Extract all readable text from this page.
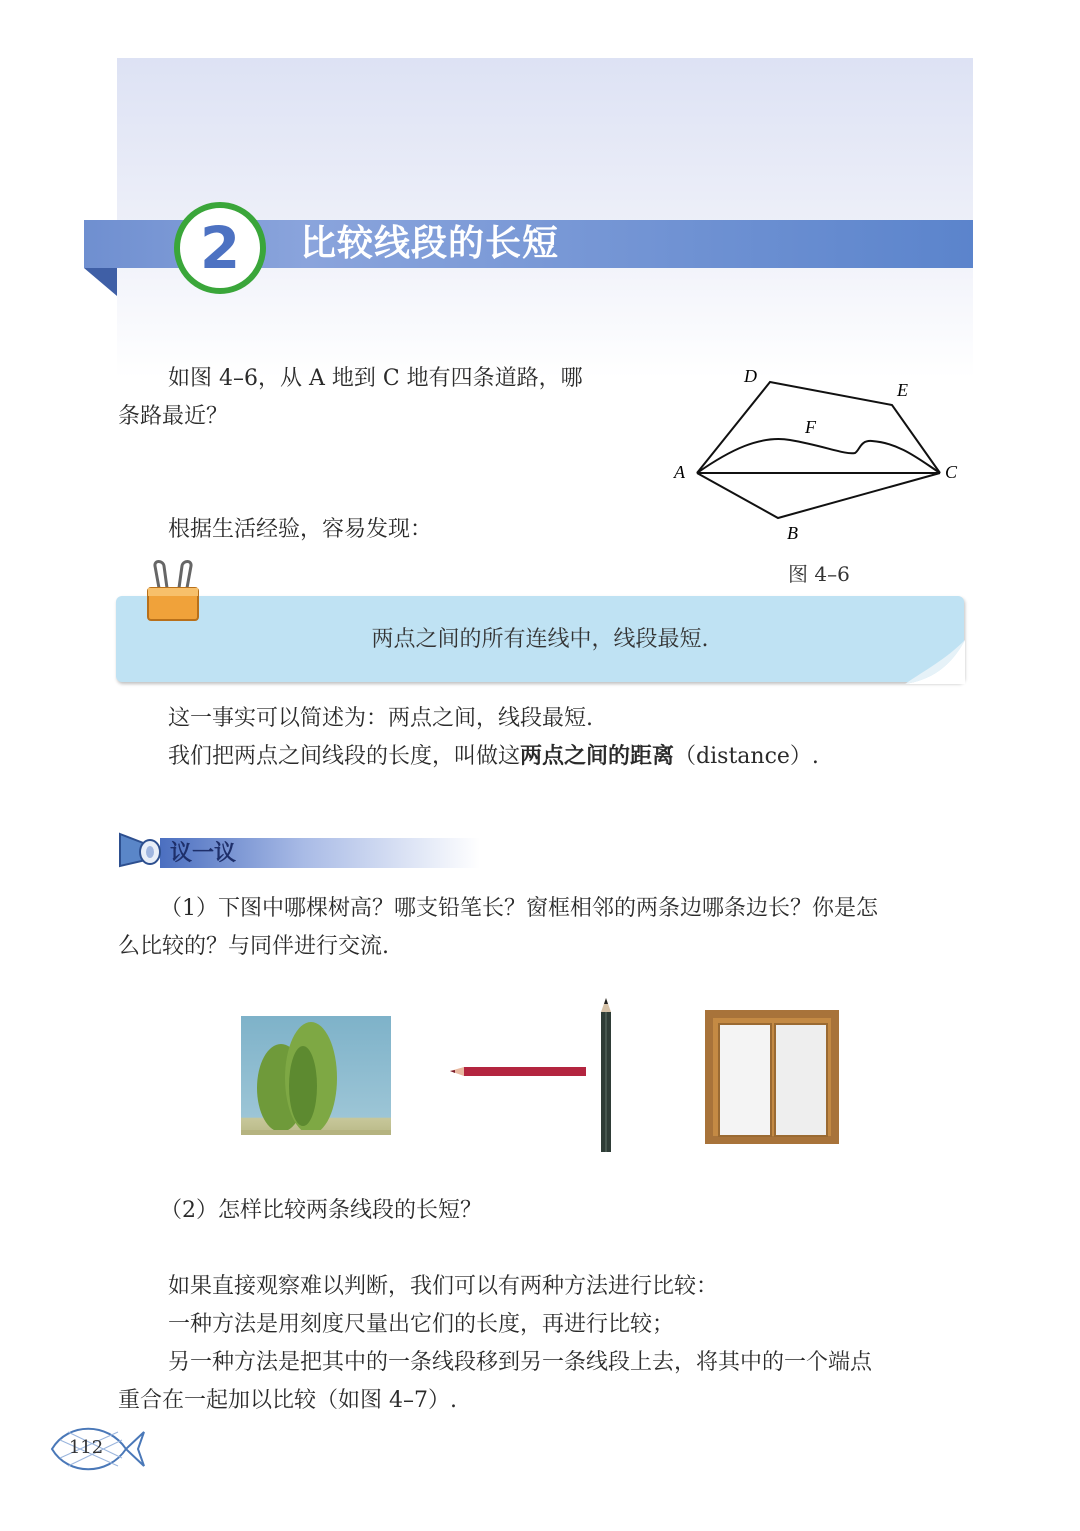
2	比较线段的长短
如图 4–6，从 A 地到 C 地有四条道路，哪
条路最近？
根据生活经验，容易发现：
A
B
C
D
E
F
图 4–6
两点之间的所有连线中，线段最短.
这一事实可以简述为：两点之间，线段最短.
我们把两点之间线段的长度，叫做这两点之间的距离（distance）.
议一议
（1）下图中哪棵树高？哪支铅笔长？窗框相邻的两条边哪条边长？你是怎
么比较的？与同伴进行交流.
（2）怎样比较两条线段的长短？
如果直接观察难以判断，我们可以有两种方法进行比较：
一种方法是用刻度尺量出它们的长度，再进行比较；
另一种方法是把其中的一条线段移到另一条线段上去，将其中的一个端点
重合在一起加以比较（如图 4–7）.
112
